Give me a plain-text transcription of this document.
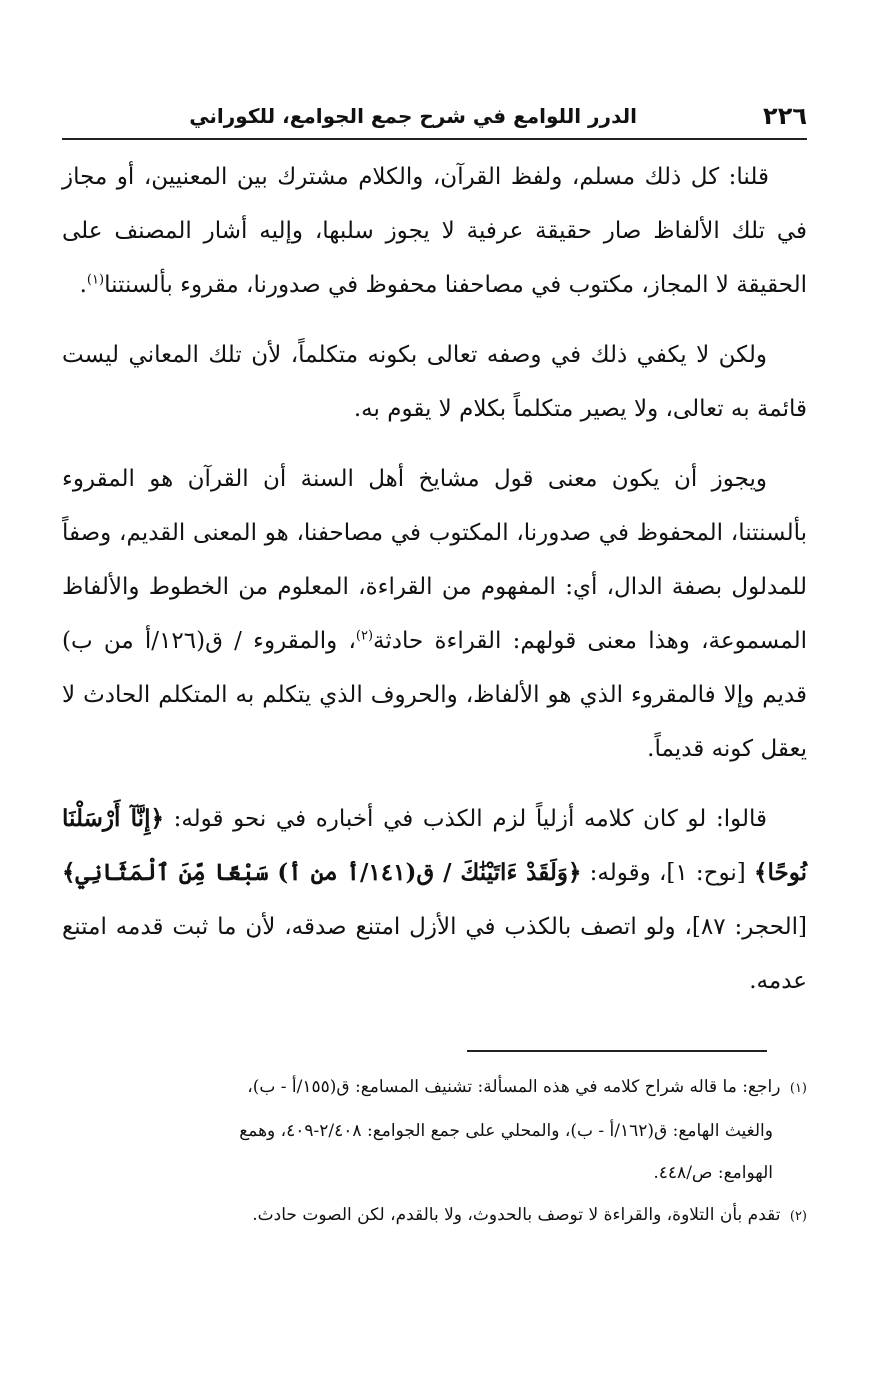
٢٢٦
الدرر اللوامع في شرح جمع الجوامع، للكوراني

قلنا: كل ذلك مسلم، ولفظ القرآن، والكلام مشترك بين المعنيين، أو مجاز في تلك الألفاظ صار حقيقة عرفية لا يجوز سلبها، وإليه أشار المصنف على الحقيقة لا المجاز، مكتوب في مصاحفنا محفوظ في صدورنا، مقروء بألسنتنا$^{(١)}$.

ولكن لا يكفي ذلك في وصفه تعالى بكونه متكلماً، لأن تلك المعاني ليست قائمة به تعالى، ولا يصير متكلماً بكلام لا يقوم به.

ويجوز أن يكون معنى قول مشايخ أهل السنة أن القرآن هو المقروء بألسنتنا، المحفوظ في صدورنا، المكتوب في مصاحفنا، هو المعنى القديم، وصفاً للمدلول بصفة الدال، أي: المفهوم من القراءة، المعلوم من الخطوط والألفاظ المسموعة، وهذا معنى قولهم: القراءة حادثة$^{(٢)}$، والمقروء / ق(١٢٦/أ من ب) قديم وإلا فالمقروء الذي هو الألفاظ، والحروف الذي يتكلم به المتكلم الحادث لا يعقل كونه قديماً.

قالوا: لو كان كلامه أزلياً لزم الكذب في أخباره في نحو قوله: ﴿إِنَّآ أَرْسَلْنَا نُوحًا﴾ [نوح: ١]، وقوله: ﴿وَلَقَدْ ءَاتَيْنَٰكَ / ق(١٤١/أ من أ) سَبْعًا مِّنَ ٱلْمَثَانِي﴾ [الحجر: ٨٧]، ولو اتصف بالكذب في الأزل امتنع صدقه، لأن ما ثبت قدمه امتنع عدمه.

(١) راجع: ما قاله شراح كلامه في هذه المسألة: تشنيف المسامع: ق(١٥٥/أ - ب)،
والغيث الهامع: ق(١٦٢/أ - ب)، والمحلي على جمع الجوامع: ٢/٤٠٨-٤٠٩، وهمع
الهوامع: ص/٤٤٨.

(٢) تقدم بأن التلاوة، والقراءة لا توصف بالحدوث، ولا بالقدم، لكن الصوت حادث.
